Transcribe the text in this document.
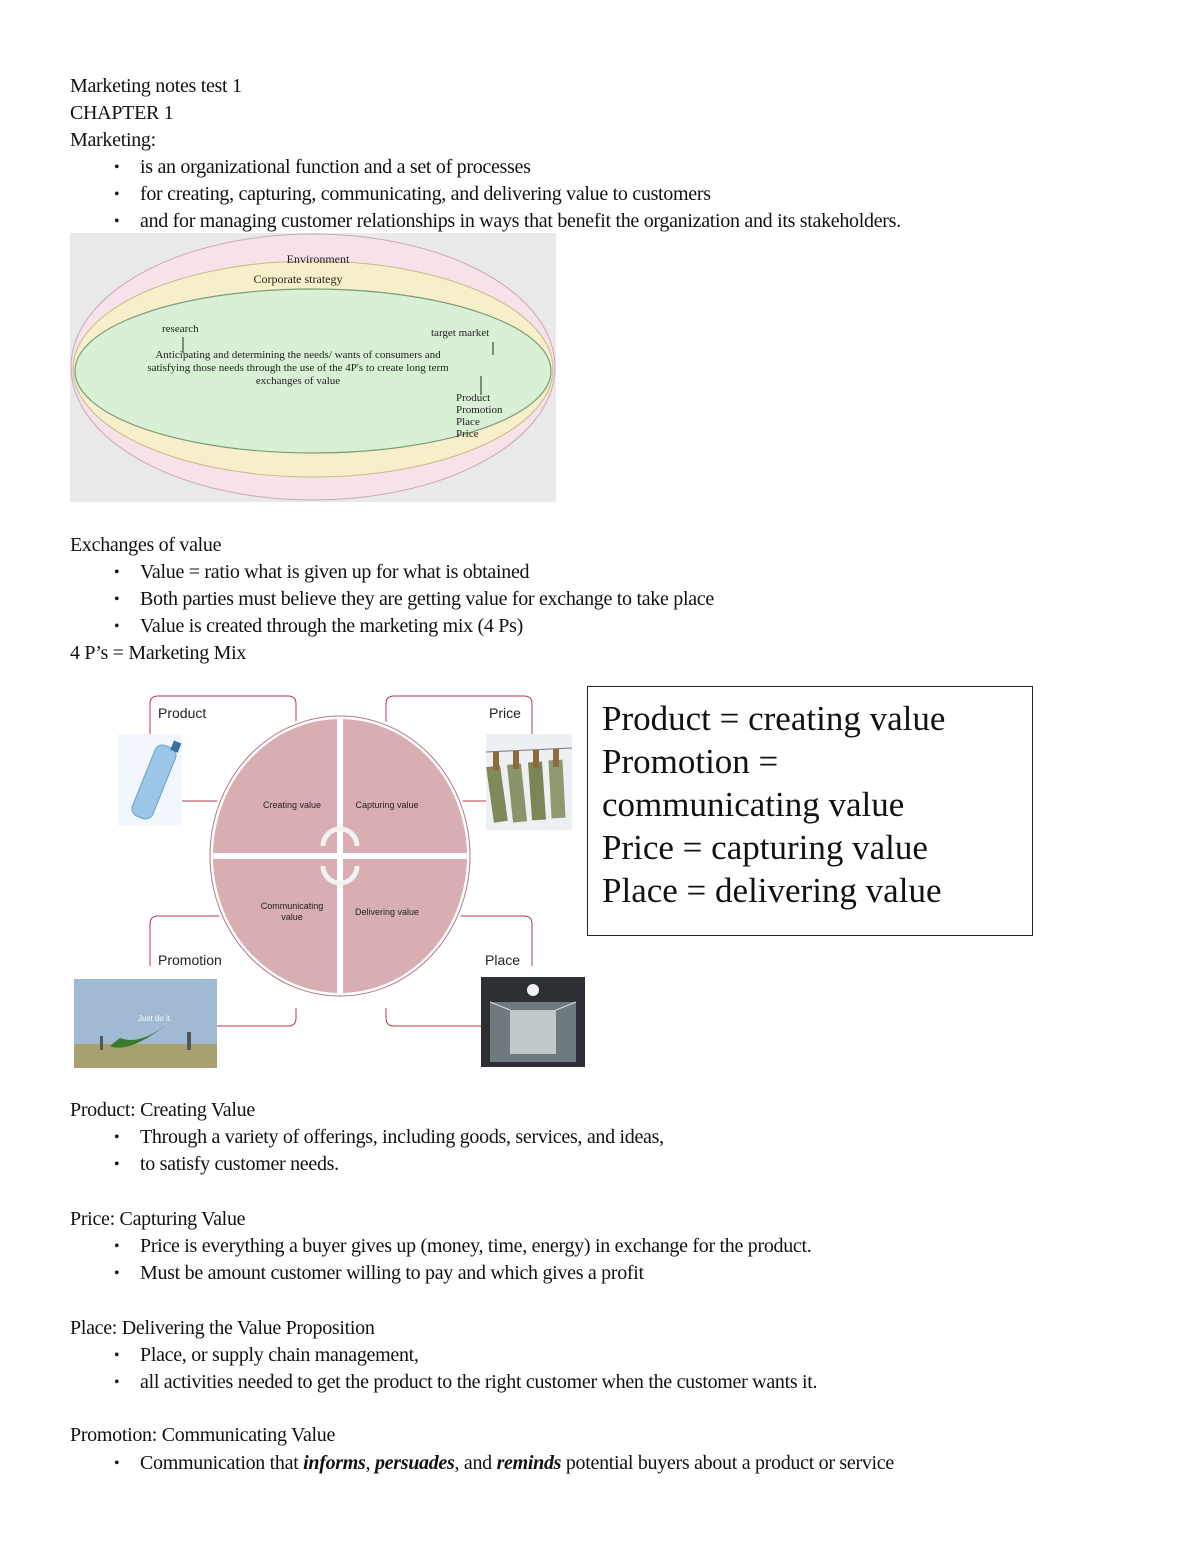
Marketing notes test 1
CHAPTER 1
Marketing:
• is an organizational function and a set of processes
• for creating, capturing, communicating, and delivering value to customers
• and for managing customer relationships in ways that benefit the organization and its stakeholders.
Environment
Corporate strategy
research	target market
Anticipating and determining the needs/ wants of consumers and
satisfying those needs through the use of the 4P's to create long term
exchanges of value
Product
Promotion
Place
Price
Exchanges of value
• Value = ratio what is given up for what is obtained
• Both parties must believe they are getting value for exchange to take place
• Value is created through the marketing mix (4 Ps)
4 P’s = Marketing Mix
Creating value	Capturing value
Communicating
value	Delivering value
Product	Price
Promotion	Place
Just do it.
Product = creating value
Promotion =
communicating value
Price = capturing value
Place = delivering value
Product: Creating Value
• Through a variety of offerings, including goods, services, and ideas,
• to satisfy customer needs.
Price: Capturing Value
• Price is everything a buyer gives up (money, time, energy) in exchange for the product.
• Must be amount customer willing to pay and which gives a profit
Place: Delivering the Value Proposition
• Place, or supply chain management,
• all activities needed to get the product to the right customer when the customer wants it.
Promotion: Communicating Value
• Communication that informs, persuades, and reminds potential buyers about a product or service
